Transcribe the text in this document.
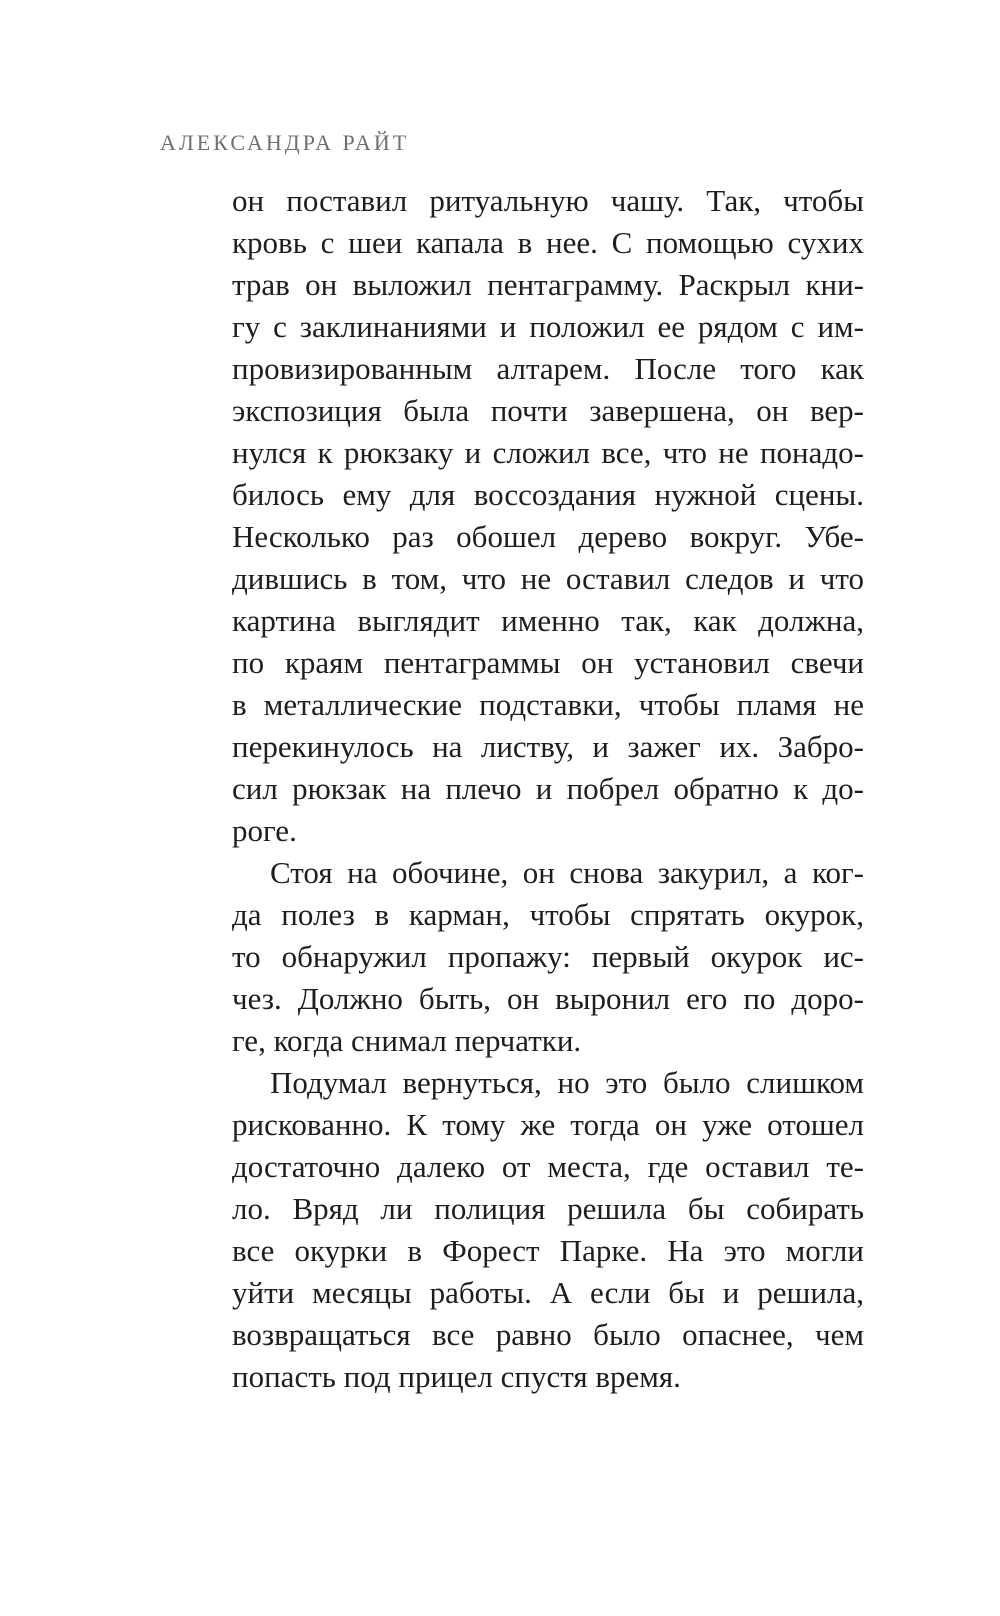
АЛЕКСАНДРА РАЙТ
он поставил ритуальную чашу. Так, чтобы
кровь с шеи капала в нее. С помощью сухих
трав он выложил пентаграмму. Раскрыл кни-
гу с заклинаниями и положил ее рядом с им-
провизированным алтарем. После того как
экспозиция была почти завершена, он вер-
нулся к рюкзаку и сложил все, что не понадо-
билось ему для воссоздания нужной сцены.
Несколько раз обошел дерево вокруг. Убе-
дившись в том, что не оставил следов и что
картина выглядит именно так, как должна,
по краям пентаграммы он установил свечи
в металлические подставки, чтобы пламя не
перекинулось на листву, и зажег их. Забро-
сил рюкзак на плечо и побрел обратно к до-
роге.
Стоя на обочине, он снова закурил, а ког-
да полез в карман, чтобы спрятать окурок,
то обнаружил пропажу: первый окурок ис-
чез. Должно быть, он выронил его по доро-
ге, когда снимал перчатки.
Подумал вернуться, но это было слишком
рискованно. К тому же тогда он уже отошел
достаточно далеко от места, где оставил те-
ло. Вряд ли полиция решила бы собирать
все окурки в Форест Парке. На это могли
уйти месяцы работы. А если бы и решила,
возвращаться все равно было опаснее, чем
попасть под прицел спустя время.
